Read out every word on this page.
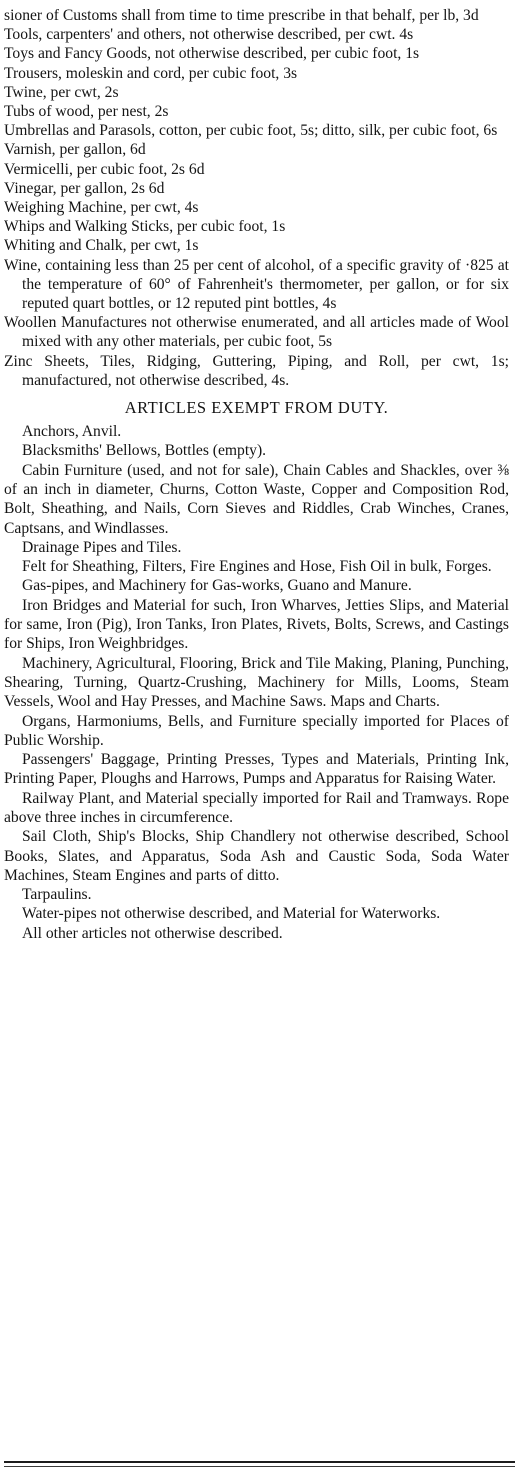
sioner of Customs shall from time to time prescribe in that behalf, per lb, 3d
Tools, carpenters' and others, not otherwise described, per cwt. 4s
Toys and Fancy Goods, not otherwise described, per cubic foot, 1s
Trousers, moleskin and cord, per cubic foot, 3s
Twine, per cwt, 2s
Tubs of wood, per nest, 2s
Umbrellas and Parasols, cotton, per cubic foot, 5s; ditto, silk, per cubic foot, 6s
Varnish, per gallon, 6d
Vermicelli, per cubic foot, 2s 6d
Vinegar, per gallon, 2s 6d
Weighing Machine, per cwt, 4s
Whips and Walking Sticks, per cubic foot, 1s
Whiting and Chalk, per cwt, 1s
Wine, containing less than 25 per cent of alcohol, of a specific gravity of ·825 at the temperature of 60° of Fahrenheit's thermometer, per gallon, or for six reputed quart bottles, or 12 reputed pint bottles, 4s
Woollen Manufactures not otherwise enumerated, and all articles made of Wool mixed with any other materials, per cubic foot, 5s
Zinc Sheets, Tiles, Ridging, Guttering, Piping, and Roll, per cwt, 1s; manufactured, not otherwise described, 4s.
ARTICLES EXEMPT FROM DUTY.

Anchors, Anvil.

Blacksmiths' Bellows, Bottles (empty).

Cabin Furniture (used, and not for sale), Chain Cables and Shackles, over ⅜ of an inch in diameter, Churns, Cotton Waste, Copper and Composition Rod, Bolt, Sheathing, and Nails, Corn Sieves and Riddles, Crab Winches, Cranes, Captsans, and Windlasses.

Drainage Pipes and Tiles.

Felt for Sheathing, Filters, Fire Engines and Hose, Fish Oil in bulk, Forges.

Gas-pipes, and Machinery for Gas-works, Guano and Manure.

Iron Bridges and Material for such, Iron Wharves, Jetties Slips, and Material for same, Iron (Pig), Iron Tanks, Iron Plates, Rivets, Bolts, Screws, and Castings for Ships, Iron Weighbridges.

Machinery, Agricultural, Flooring, Brick and Tile Making, Planing, Punching, Shearing, Turning, Quartz-Crushing, Machinery for Mills, Looms, Steam Vessels, Wool and Hay Presses, and Machine Saws. Maps and Charts.

Organs, Harmoniums, Bells, and Furniture specially imported for Places of Public Worship.

Passengers' Baggage, Printing Presses, Types and Materials, Printing Ink, Printing Paper, Ploughs and Harrows, Pumps and Apparatus for Raising Water.

Railway Plant, and Material specially imported for Rail and Tramways. Rope above three inches in circumference.

Sail Cloth, Ship's Blocks, Ship Chandlery not otherwise described, School Books, Slates, and Apparatus, Soda Ash and Caustic Soda, Soda Water Machines, Steam Engines and parts of ditto.

Tarpaulins.

Water-pipes not otherwise described, and Material for Waterworks.

All other articles not otherwise described.
